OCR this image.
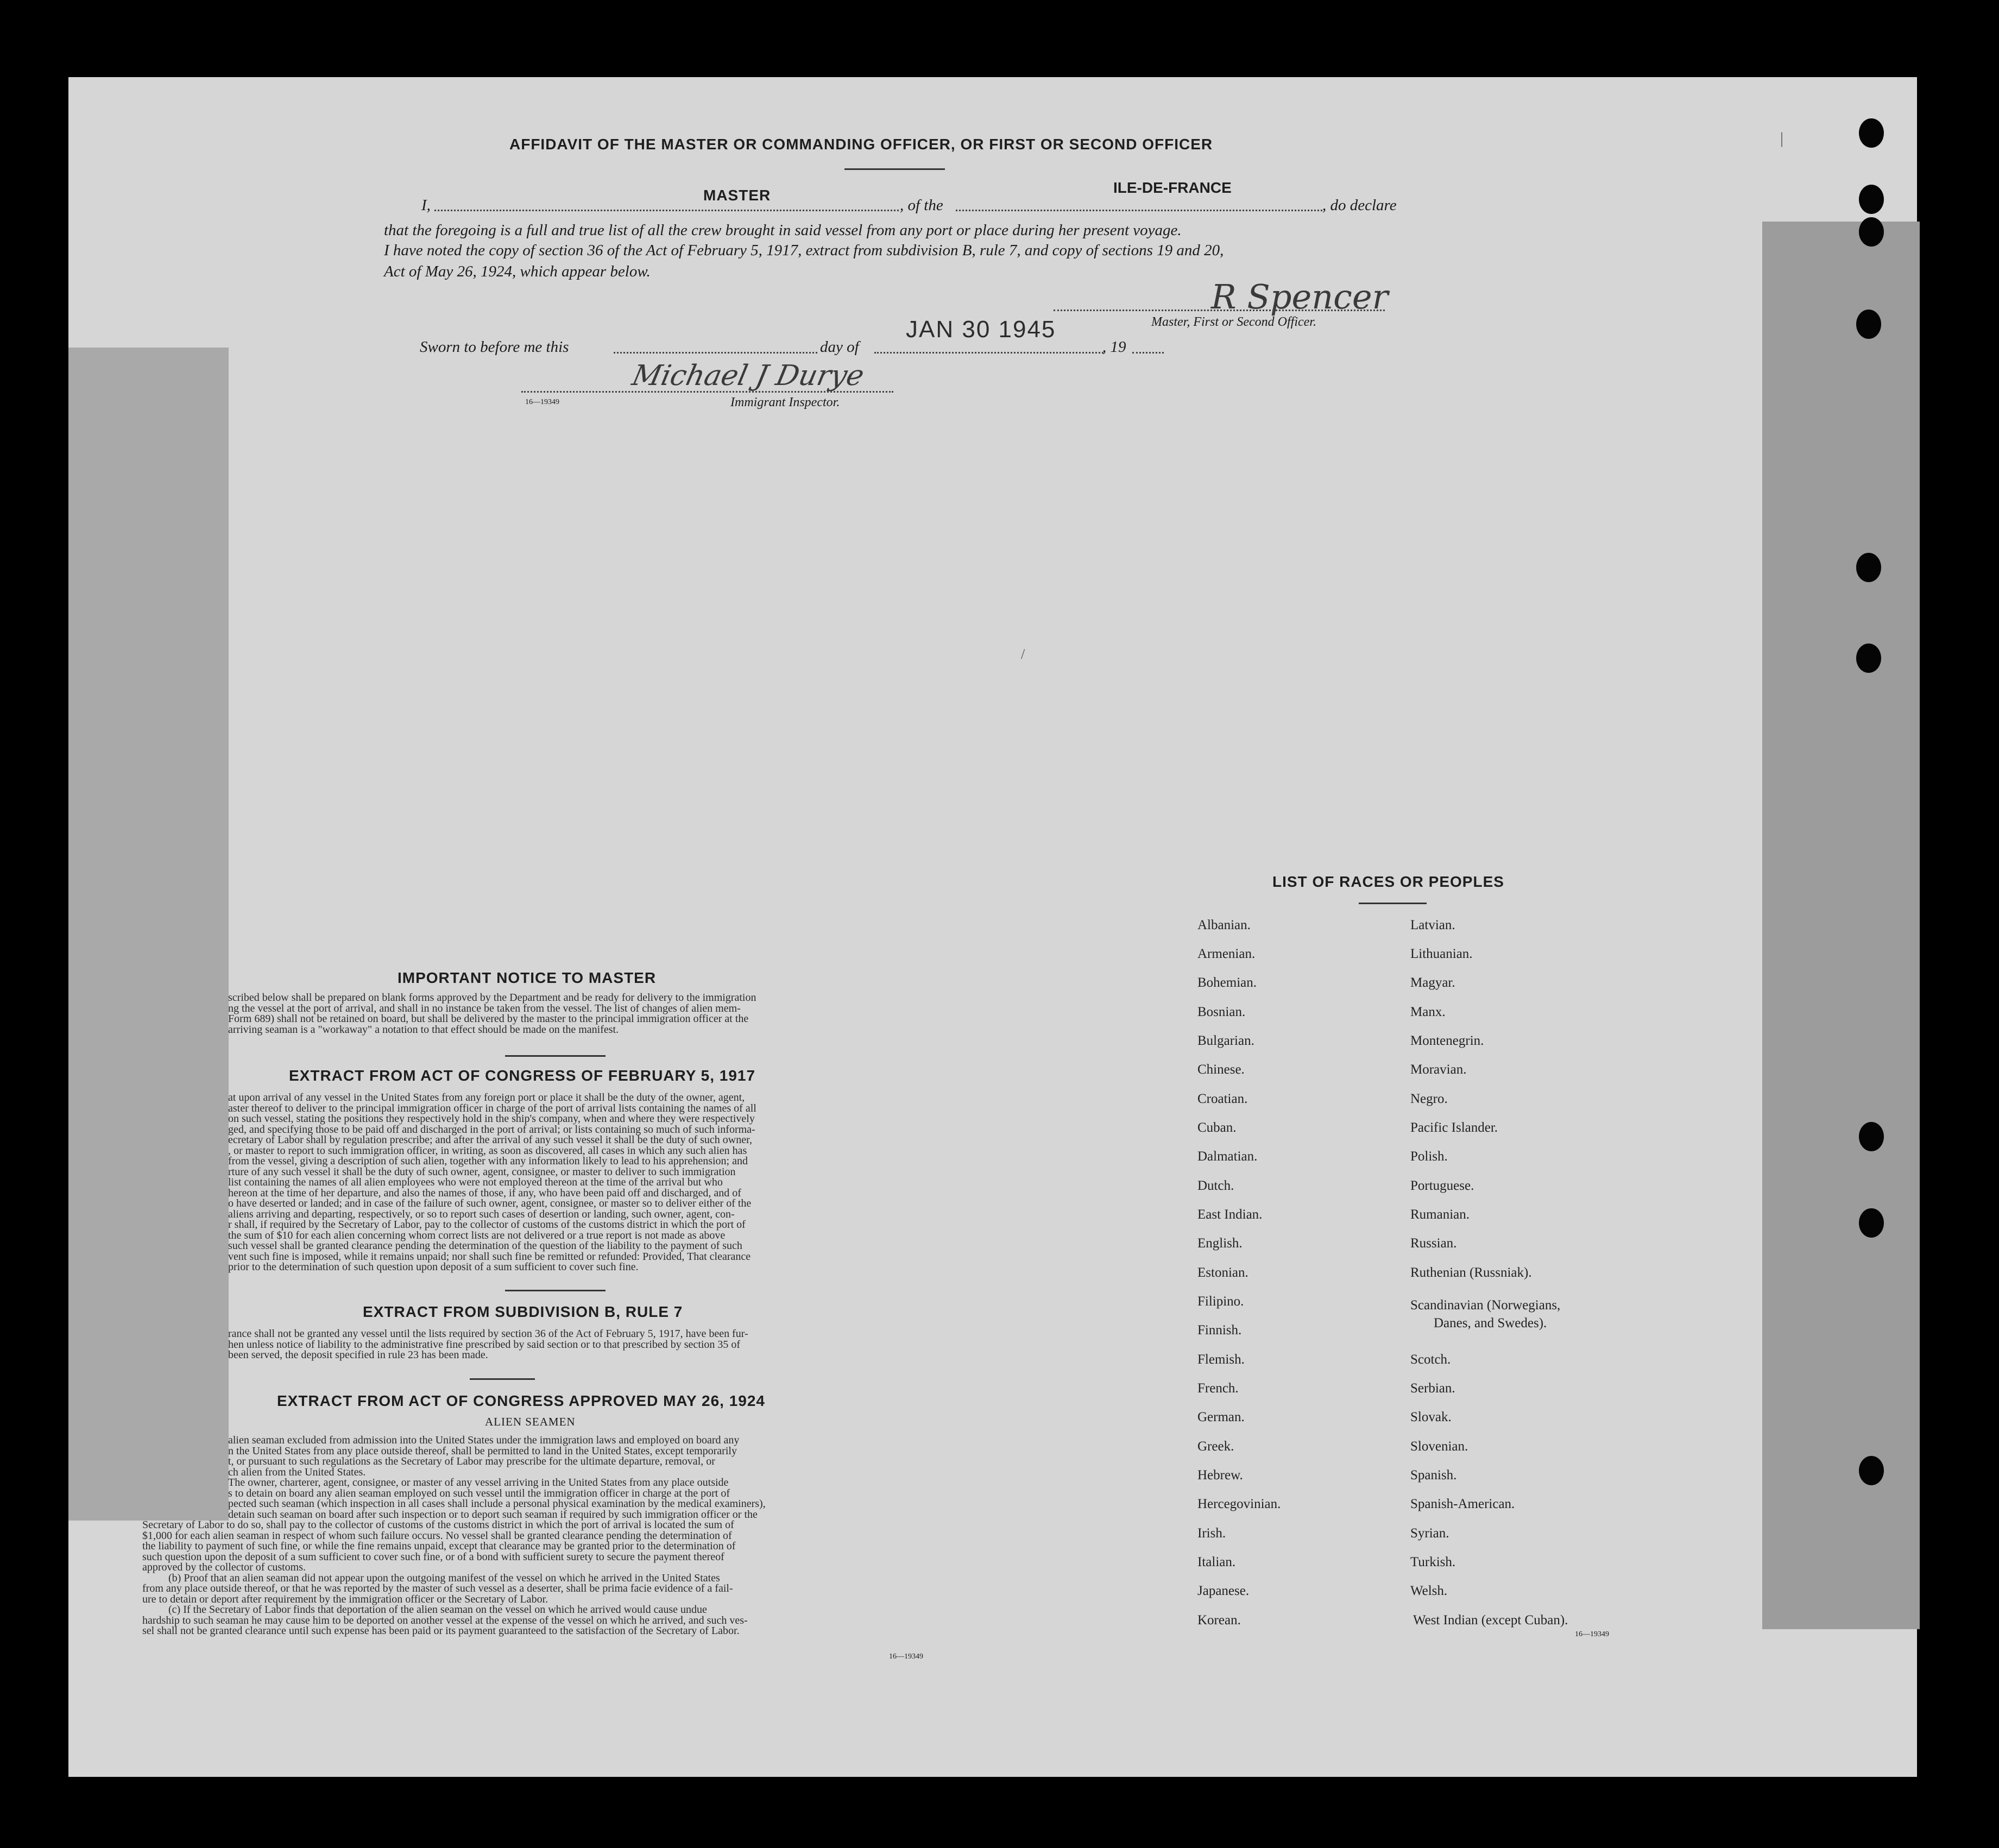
AFFIDAVIT OF THE MASTER OR COMMANDING OFFICER, OR FIRST OR SECOND OFFICER
I,
MASTER
, of the
ILE-DE-FRANCE
, do declare
that the foregoing is a full and true list of all the crew brought in said vessel from any port or place during her present voyage.
I have noted the copy of section 36 of the Act of February 5, 1917, extract from subdivision B, rule 7, and copy of sections 19 and 20,
Act of May 26, 1924, which appear below.
R Spencer
Master, First or Second Officer.
Sworn to before me this	day of
JAN 30 1945
, 19
Michael J Durye
16—19349	Immigrant Inspector.
IMPORTANT NOTICE TO MASTER
scribed below shall be prepared on blank forms approved by the Department and be ready for delivery to the immigration
ng the vessel at the port of arrival, and shall in no instance be taken from the vessel. The list of changes of alien mem-
Form 689) shall not be retained on board, but shall be delivered by the master to the principal immigration officer at the
arriving seaman is a "workaway" a notation to that effect should be made on the manifest.
EXTRACT FROM ACT OF CONGRESS OF FEBRUARY 5, 1917
at upon arrival of any vessel in the United States from any foreign port or place it shall be the duty of the owner, agent,
aster thereof to deliver to the principal immigration officer in charge of the port of arrival lists containing the names of all
on such vessel, stating the positions they respectively hold in the ship's company, when and where they were respectively
ged, and specifying those to be paid off and discharged in the port of arrival; or lists containing so much of such informa-
ecretary of Labor shall by regulation prescribe; and after the arrival of any such vessel it shall be the duty of such owner,
, or master to report to such immigration officer, in writing, as soon as discovered, all cases in which any such alien has
from the vessel, giving a description of such alien, together with any information likely to lead to his apprehension; and
rture of any such vessel it shall be the duty of such owner, agent, consignee, or master to deliver to such immigration
list containing the names of all alien employees who were not employed thereon at the time of the arrival but who
hereon at the time of her departure, and also the names of those, if any, who have been paid off and discharged, and of
o have deserted or landed; and in case of the failure of such owner, agent, consignee, or master so to deliver either of the
aliens arriving and departing, respectively, or so to report such cases of desertion or landing, such owner, agent, con-
r shall, if required by the Secretary of Labor, pay to the collector of customs of the customs district in which the port of
the sum of $10 for each alien concerning whom correct lists are not delivered or a true report is not made as above
such vessel shall be granted clearance pending the determination of the question of the liability to the payment of such
vent such fine is imposed, while it remains unpaid; nor shall such fine be remitted or refunded: Provided, That clearance
prior to the determination of such question upon deposit of a sum sufficient to cover such fine.
EXTRACT FROM SUBDIVISION B, RULE 7
rance shall not be granted any vessel until the lists required by section 36 of the Act of February 5, 1917, have been fur-
hen unless notice of liability to the administrative fine prescribed by said section or to that prescribed by section 35 of
been served, the deposit specified in rule 23 has been made.
EXTRACT FROM ACT OF CONGRESS APPROVED MAY 26, 1924
ALIEN SEAMEN
alien seaman excluded from admission into the United States under the immigration laws and employed on board any
n the United States from any place outside thereof, shall be permitted to land in the United States, except temporarily
t, or pursuant to such regulations as the Secretary of Labor may prescribe for the ultimate departure, removal, or
ch alien from the United States.
The owner, charterer, agent, consignee, or master of any vessel arriving in the United States from any place outside
s to detain on board any alien seaman employed on such vessel until the immigration officer in charge at the port of
pected such seaman (which inspection in all cases shall include a personal physical examination by the medical examiners),
detain such seaman on board after such inspection or to deport such seaman if required by such immigration officer or the
Secretary of Labor to do so, shall pay to the collector of customs of the customs district in which the port of arrival is located the sum of
$1,000 for each alien seaman in respect of whom such failure occurs. No vessel shall be granted clearance pending the determination of
the liability to payment of such fine, or while the fine remains unpaid, except that clearance may be granted prior to the determination of
such question upon the deposit of a sum sufficient to cover such fine, or of a bond with sufficient surety to secure the payment thereof
approved by the collector of customs.
(b) Proof that an alien seaman did not appear upon the outgoing manifest of the vessel on which he arrived in the United States
from any place outside thereof, or that he was reported by the master of such vessel as a deserter, shall be prima facie evidence of a fail-
ure to detain or deport after requirement by the immigration officer or the Secretary of Labor.
(c) If the Secretary of Labor finds that deportation of the alien seaman on the vessel on which he arrived would cause undue
hardship to such seaman he may cause him to be deported on another vessel at the expense of the vessel on which he arrived, and such ves-
sel shall not be granted clearance until such expense has been paid or its payment guaranteed to the satisfaction of the Secretary of Labor.
16—19349
LIST OF RACES OR PEOPLES
Albanian.
Armenian.
Bohemian.
Bosnian.
Bulgarian.
Chinese.
Croatian.
Cuban.
Dalmatian.
Dutch.
East Indian.
English.
Estonian.
Filipino.
Finnish.
Flemish.
French.
German.
Greek.
Hebrew.
Hercegovinian.
Irish.
Italian.
Japanese.
Korean.
Latvian.
Lithuanian.
Magyar.
Manx.
Montenegrin.
Moravian.
Negro.
Pacific Islander.
Polish.
Portuguese.
Rumanian.
Russian.
Ruthenian (Russniak).
Scandinavian (Norwegians,
Danes, and Swedes).
Scotch.
Serbian.
Slovak.
Slovenian.
Spanish.
Spanish-American.
Syrian.
Turkish.
Welsh.
West Indian (except Cuban).
16—19349
|
/
